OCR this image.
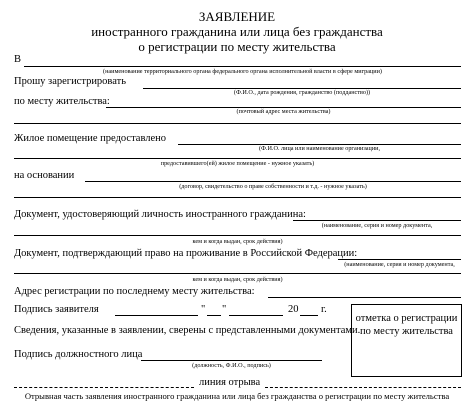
ЗАЯВЛЕНИЕ
иностранного гражданина или лица без гражданства
о регистрации по месту жительства
В
(наименование территориального органа федерального органа исполнительной власти в сфере миграции)
Прошу зарегистрировать
(Ф.И.О., дата рождения, гражданство (подданство))
по месту жительства:
(почтовый адрес места жительства)
Жилое помещение предоставлено
(Ф.И.О. лица или наименование организации,
предоставившего(ей) жилое помещение - нужное указать)
на основании
(договор, свидетельство о праве собственности и т.д. - нужное указать)
Документ, удостоверяющий личность иностранного гражданина:
(наименование, серия и номер документа,
кем и когда выдан, срок действия)
Документ, подтверждающий право на проживание в Российской Федерации:
(наименование, серия и номер документа,
кем и когда выдан, срок действия)
Адрес регистрации по последнему месту жительства:
Подпись заявителя	" "	20 г.
отметка о регистрации
по месту жительства
Сведения, указанные в заявлении, сверены с представленными документами.
Подпись должностного лица
(должность, Ф.И.О., подпись)
линия отрыва
Отрывная часть заявления иностранного гражданина или лица без гражданства о регистрации по месту жительства
